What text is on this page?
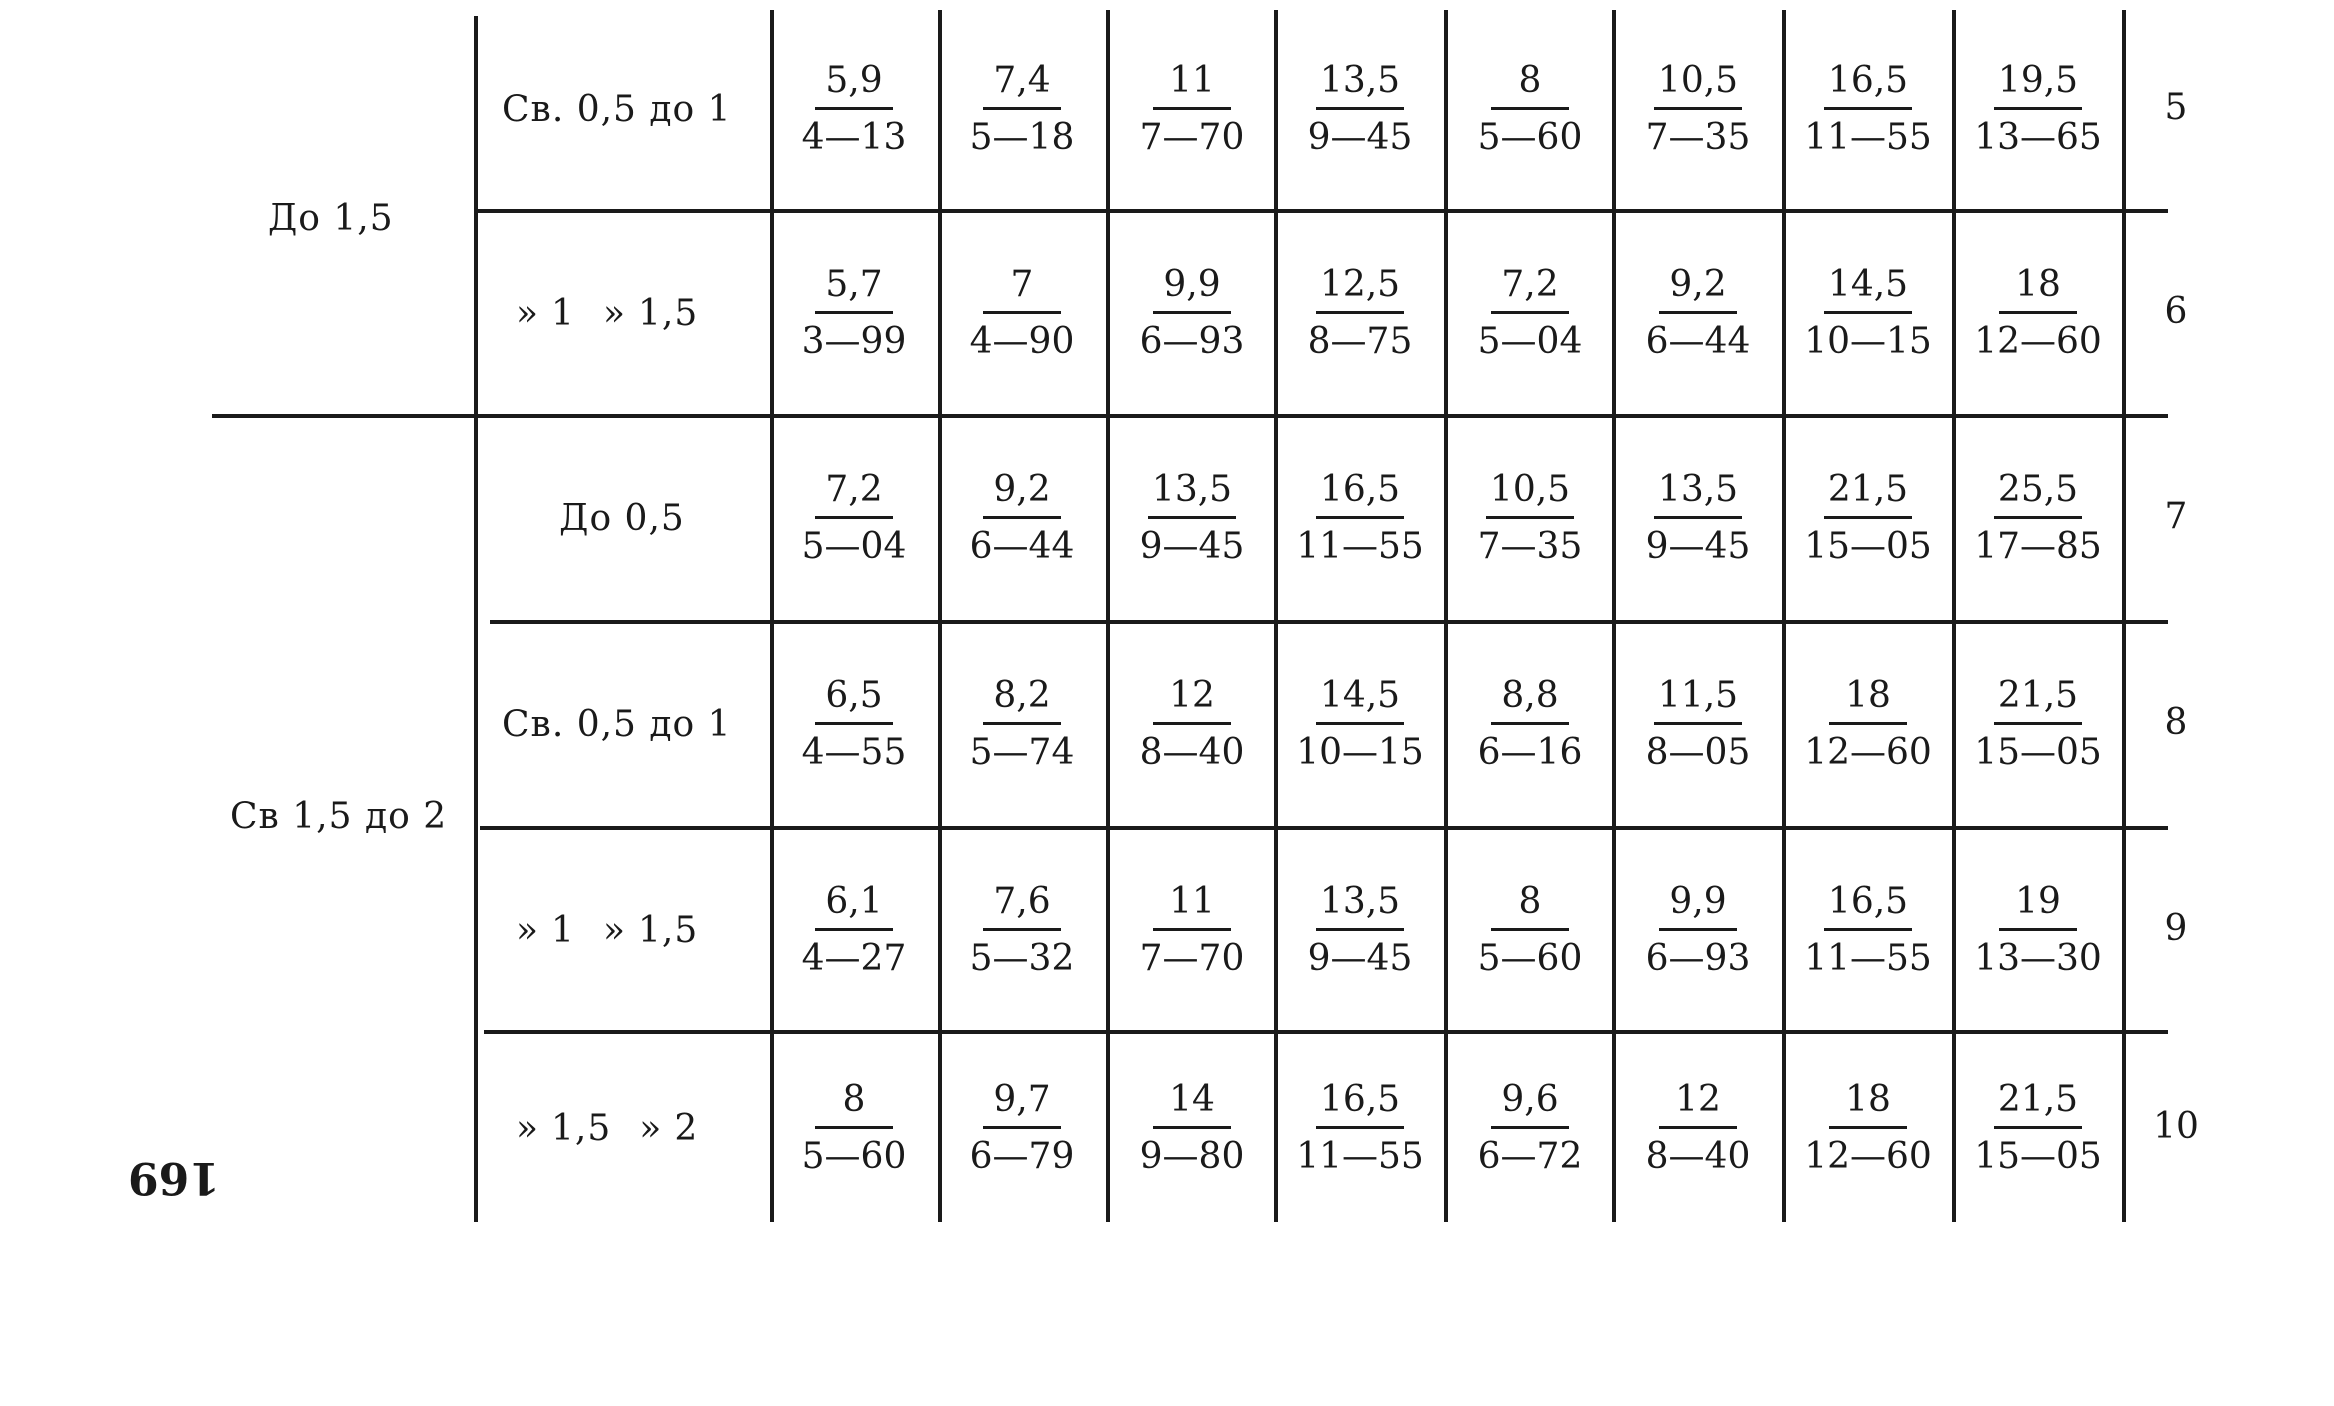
До 1,5
Св 1,5 до 2
Св. 0,5 до $1 \frac{5,9}{4—13} \frac{7,4}{5—18} \frac{11}{7—70} \frac{13,5}{9—45} \frac{8}{5—60} \frac{10,5}{7—35} \frac{16,5}{11—55} \frac{19,5}{13—65}$	5
» 1 » $1,5 \frac{5,7}{3—99} \frac{7}{4—90} \frac{9,9}{6—93} \frac{12,5}{8—75} \frac{7,2}{5—04} \frac{9,2}{6—44} \frac{14,5}{10—15} \frac{18}{12—60}$	6
До $0,5 \frac{7,2}{5—04} \frac{9,2}{6—44} \frac{13,5}{9—45} \frac{16,5}{11—55} \frac{10,5}{7—35} \frac{13,5}{9—45} \frac{21,5}{15—05} \frac{25,5}{17—85}$	7
Св. 0,5 до $1 \frac{6,5}{4—55} \frac{8,2}{5—74} \frac{12}{8—40} \frac{14,5}{10—15} \frac{8,8}{6—16} \frac{11,5}{8—05} \frac{18}{12—60} \frac{21,5}{15—05}$	8
» 1 » $1,5 \frac{6,1}{4—27} \frac{7,6}{5—32} \frac{11}{7—70} \frac{13,5}{9—45} \frac{8}{5—60} \frac{9,9}{6—93} \frac{16,5}{11—55} \frac{19}{13—30}$	9
» 1,5 » $2 \frac{8}{5—60} \frac{9,7}{6—79} \frac{14}{9—80} \frac{16,5}{11—55} \frac{9,6}{6—72} \frac{12}{8—40} \frac{18}{12—60} \frac{21,5}{15—05} 10$
169
